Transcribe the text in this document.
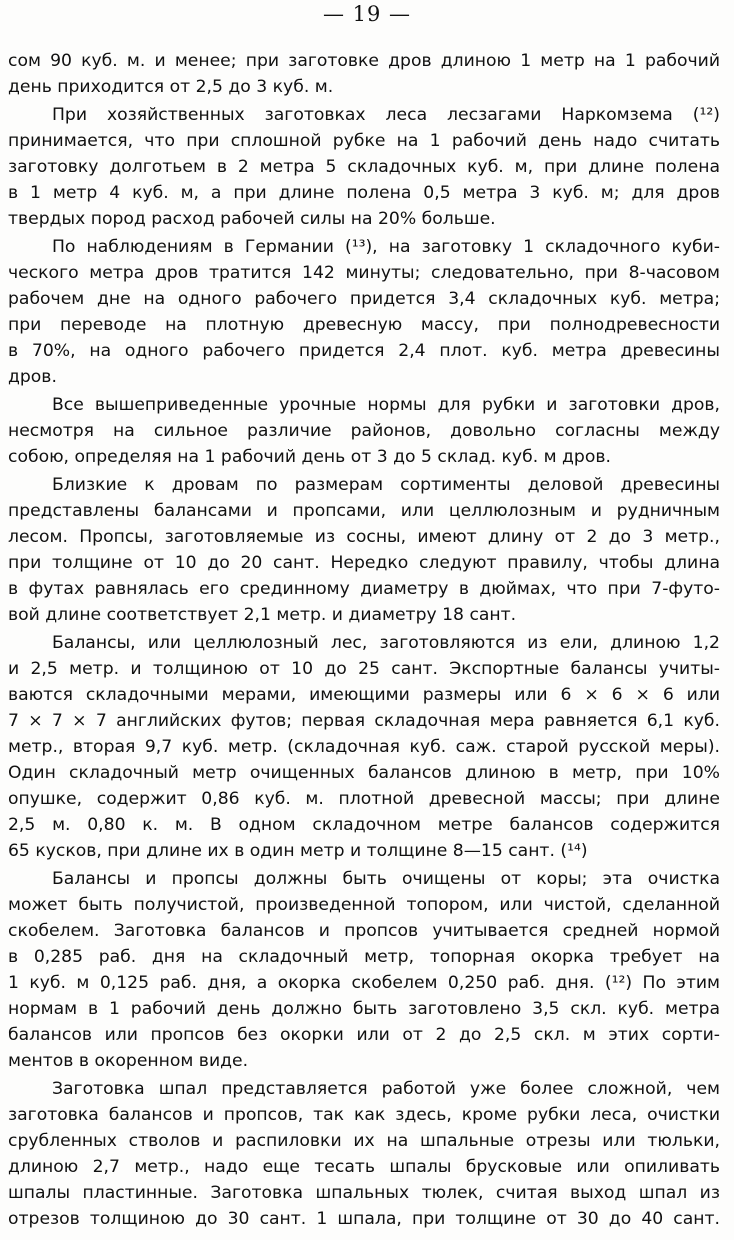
— 19 —
сом 90 куб. м. и менее; при заготовке дров длиною 1 метр на 1 рабочий
день приходится от 2,5 до 3 куб. м.
При хозяйственных заготовках леса лесзагами Наркомзема (¹²)
принимается, что при сплошной рубке на 1 рабочий день надо считать
заготовку долготьем в 2 метра 5 складочных куб. м, при длине полена
в 1 метр 4 куб. м, а при длине полена 0,5 метра 3 куб. м; для дров
твердых пород расход рабочей силы на 20% больше.
По наблюдениям в Германии (¹³), на заготовку 1 складочного куби-
ческого метра дров тратится 142 минуты; следовательно, при 8-часовом
рабочем дне на одного рабочего придется 3,4 складочных куб. метра;
при переводе на плотную древесную массу, при полнодревесности
в 70%, на одного рабочего придется 2,4 плот. куб. метра древесины
дров.
Все вышеприведенные урочные нормы для рубки и заготовки дров,
несмотря на сильное различие районов, довольно согласны между
собою, определяя на 1 рабочий день от 3 до 5 склад. куб. м дров.
Близкие к дровам по размерам сортименты деловой древесины
представлены балансами и пропсами, или целлюлозным и рудничным
лесом. Пропсы, заготовляемые из сосны, имеют длину от 2 до 3 метр.,
при толщине от 10 до 20 сант. Нередко следуют правилу, чтобы длина
в футах равнялась его срединному диаметру в дюймах, что при 7-футо-
вой длине соответствует 2,1 метр. и диаметру 18 сант.
Балансы, или целлюлозный лес, заготовляются из ели, длиною 1,2
и 2,5 метр. и толщиною от 10 до 25 сант. Экспортные балансы учиты-
ваются складочными мерами, имеющими размеры или 6 × 6 × 6 или
7 × 7 × 7 английских футов; первая складочная мера равняется 6,1 куб.
метр., вторая 9,7 куб. метр. (складочная куб. саж. старой русской меры).
Один складочный метр очищенных балансов длиною в метр, при 10%
опушке, содержит 0,86 куб. м. плотной древесной массы; при длине
2,5 м. 0,80 к. м. В одном складочном метре балансов содержится
65 кусков, при длине их в один метр и толщине 8—15 сант. (¹⁴)
Балансы и пропсы должны быть очищены от коры; эта очистка
может быть получистой, произведенной топором, или чистой, сделанной
скобелем. Заготовка балансов и пропсов учитывается средней нормой
в 0,285 раб. дня на складочный метр, топорная окорка требует на
1 куб. м 0,125 раб. дня, а окорка скобелем 0,250 раб. дня. (¹²) По этим
нормам в 1 рабочий день должно быть заготовлено 3,5 скл. куб. метра
балансов или пропсов без окорки или от 2 до 2,5 скл. м этих сорти-
ментов в окоренном виде.
Заготовка шпал представляется работой уже более сложной, чем
заготовка балансов и пропсов, так как здесь, кроме рубки леса, очистки
срубленных стволов и распиловки их на шпальные отрезы или тюльки,
длиною 2,7 метр., надо еще тесать шпалы брусковые или опиливать
шпалы пластинные. Заготовка шпальных тюлек, считая выход шпал из
отрезов толщиною до 30 сант. 1 шпала, при толщине от 30 до 40 сант.
